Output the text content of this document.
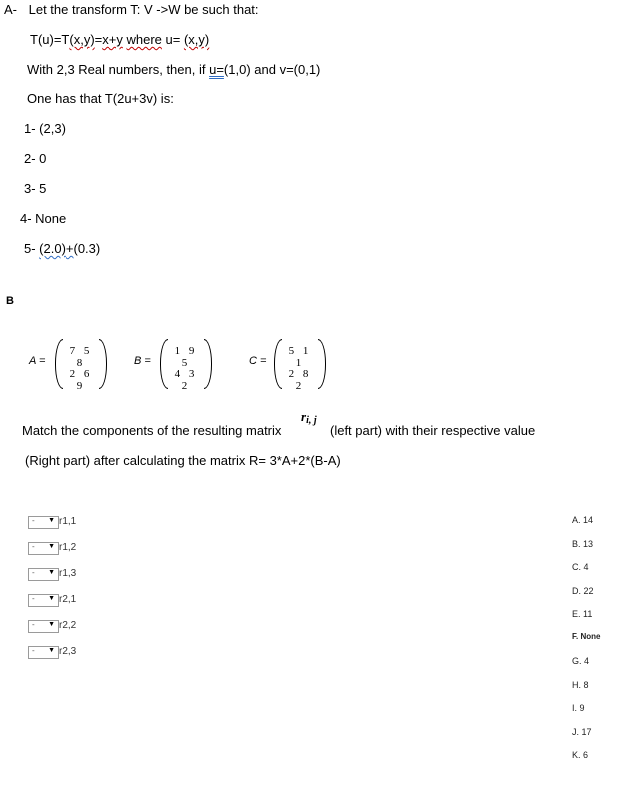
A- Let the transform T: V ->W be such that:
T(u)=T(x,y)=x+y where u= (x,y)
With 2,3 Real numbers, then, if u=(1,0) and v=(0,1)
One has that T(2u+3v) is:
1- (2,3)
2- 0
3- 5
4- None
5- (2.0)+(0.3)
B
A =
7 5 8
2 6 9
B =
1 9 5
4 3 2
C =
5 1 1
2 8 2
ri, j
Match the components of the resulting matrix	(left part) with their respective value
(Right part) after calculating the matrix R= 3*A+2*(B-A)
- ▼ r1,1
- ▼ r1,2
- ▼ r1,3
- ▼ r2,1
- ▼ r2,2
- ▼ r2,3
A. 14
B. 13
C. 4
D. 22
E. 11
F. None
G. 4
H. 8
I. 9
J. 17
K. 6
